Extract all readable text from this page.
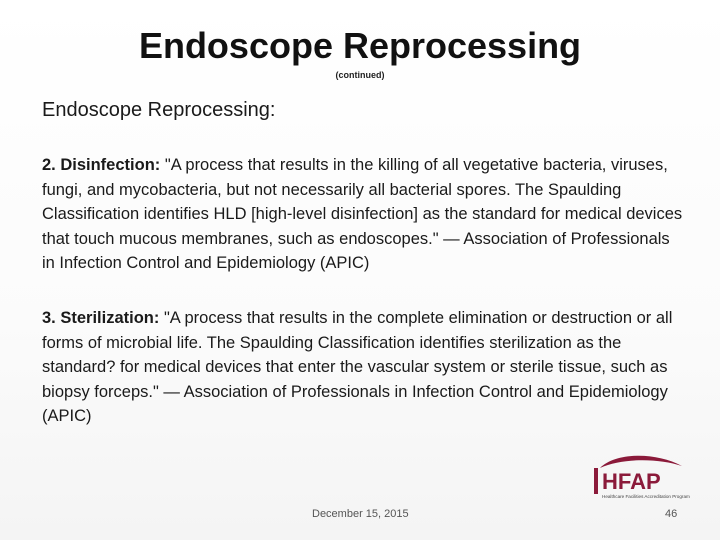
Endoscope Reprocessing
(continued)
Endoscope Reprocessing:
2. Disinfection: "A process that results in the killing of all vegetative bacteria, viruses, fungi, and mycobacteria, but not necessarily all bacterial spores. The Spaulding Classification identifies HLD [high-level disinfection] as the standard for medical devices that touch mucous membranes, such as endoscopes." — Association of Professionals in Infection Control and Epidemiology (APIC)
3. Sterilization: "A process that results in the complete elimination or destruction or all forms of microbial life. The Spaulding Classification identifies sterilization as the standard? for medical devices that enter the vascular system or sterile tissue, such as biopsy forceps." — Association of Professionals in Infection Control and Epidemiology (APIC)
HFAP
Healthcare Facilities Accreditation Program
December 15, 2015	46
